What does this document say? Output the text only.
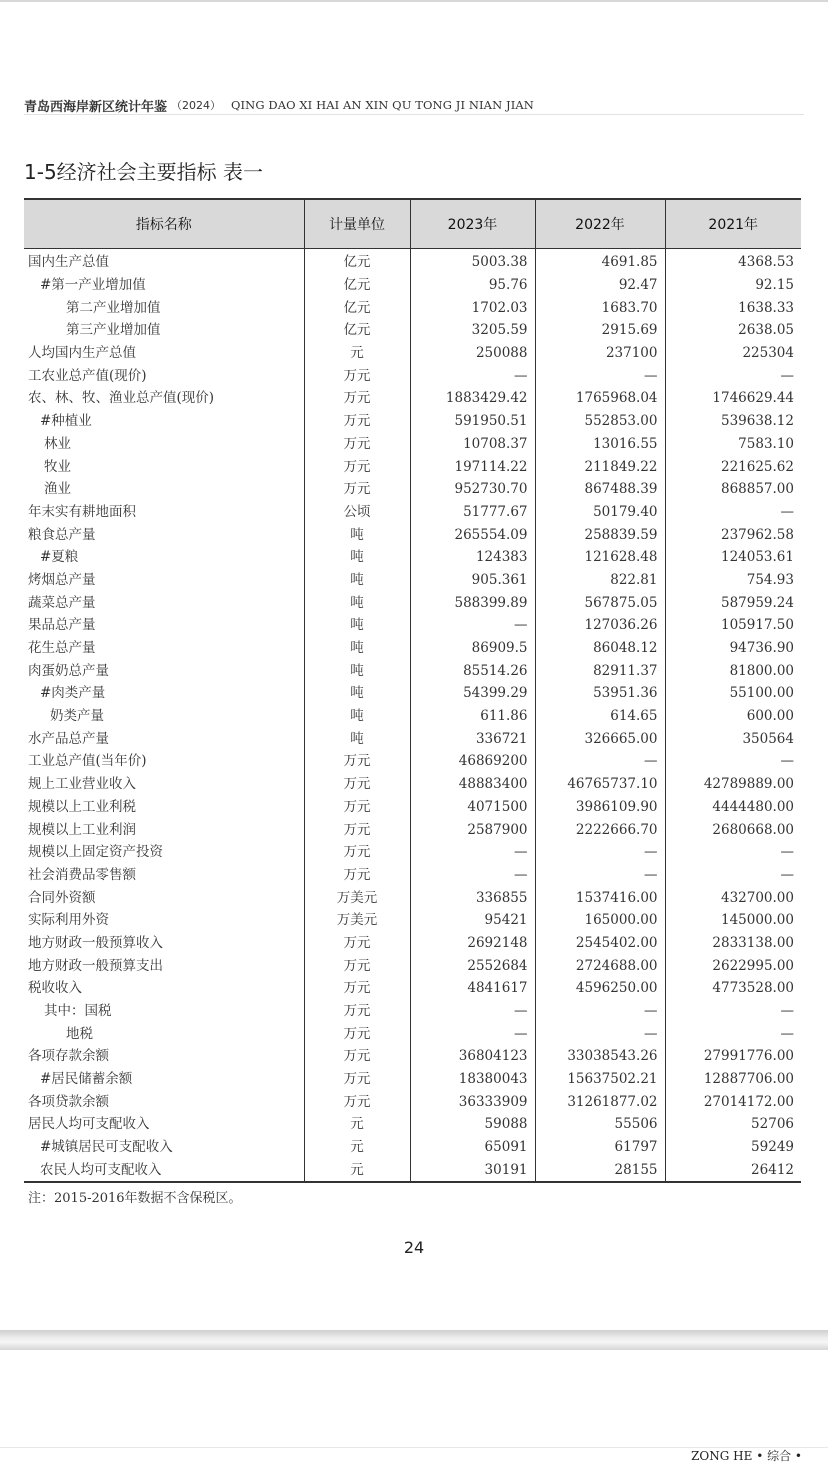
青岛西海岸新区统计年鉴 （2024） QING DAO XI HAI AN XIN QU TONG JI NIAN JIAN
1-5经济社会主要指标 表一
指标名称	计量单位	2023年	2022年	2021年
国内生产总值	亿元	5003.38	4691.85	4368.53
#第一产业增加值	亿元	95.76	92.47	92.15
第二产业增加值	亿元	1702.03	1683.70	1638.33
第三产业增加值	亿元	3205.59	2915.69	2638.05
人均国内生产总值	元	250088	237100	225304
工农业总产值(现价)	万元	—	—	—
农、林、牧、渔业总产值(现价)	万元	1883429.42	1765968.04	1746629.44
#种植业	万元	591950.51	552853.00	539638.12
林业	万元	10708.37	13016.55	7583.10
牧业	万元	197114.22	211849.22	221625.62
渔业	万元	952730.70	867488.39	868857.00
年末实有耕地面积	公顷	51777.67	50179.40	—
粮食总产量	吨	265554.09	258839.59	237962.58
#夏粮	吨	124383	121628.48	124053.61
烤烟总产量	吨	905.361	822.81	754.93
蔬菜总产量	吨	588399.89	567875.05	587959.24
果品总产量	吨	—	127036.26	105917.50
花生总产量	吨	86909.5	86048.12	94736.90
肉蛋奶总产量	吨	85514.26	82911.37	81800.00
#肉类产量	吨	54399.29	53951.36	55100.00
奶类产量	吨	611.86	614.65	600.00
水产品总产量	吨	336721	326665.00	350564
工业总产值(当年价)	万元	46869200	—	—
规上工业营业收入	万元	48883400	46765737.10	42789889.00
规模以上工业利税	万元	4071500	3986109.90	4444480.00
规模以上工业利润	万元	2587900	2222666.70	2680668.00
规模以上固定资产投资	万元	—	—	—
社会消费品零售额	万元	—	—	—
合同外资额	万美元	336855	1537416.00	432700.00
实际利用外资	万美元	95421	165000.00	145000.00
地方财政一般预算收入	万元	2692148	2545402.00	2833138.00
地方财政一般预算支出	万元	2552684	2724688.00	2622995.00
税收收入	万元	4841617	4596250.00	4773528.00
其中：国税	万元	—	—	—
地税	万元	—	—	—
各项存款余额	万元	36804123	33038543.26	27991776.00
#居民储蓄余额	万元	18380043	15637502.21	12887706.00
各项贷款余额	万元	36333909	31261877.02	27014172.00
居民人均可支配收入	元	59088	55506	52706
#城镇居民可支配收入	元	65091	61797	59249
农民人均可支配收入	元	30191	28155	26412
注：2015-2016年数据不含保税区。
24
ZONG HE • 综合 •
